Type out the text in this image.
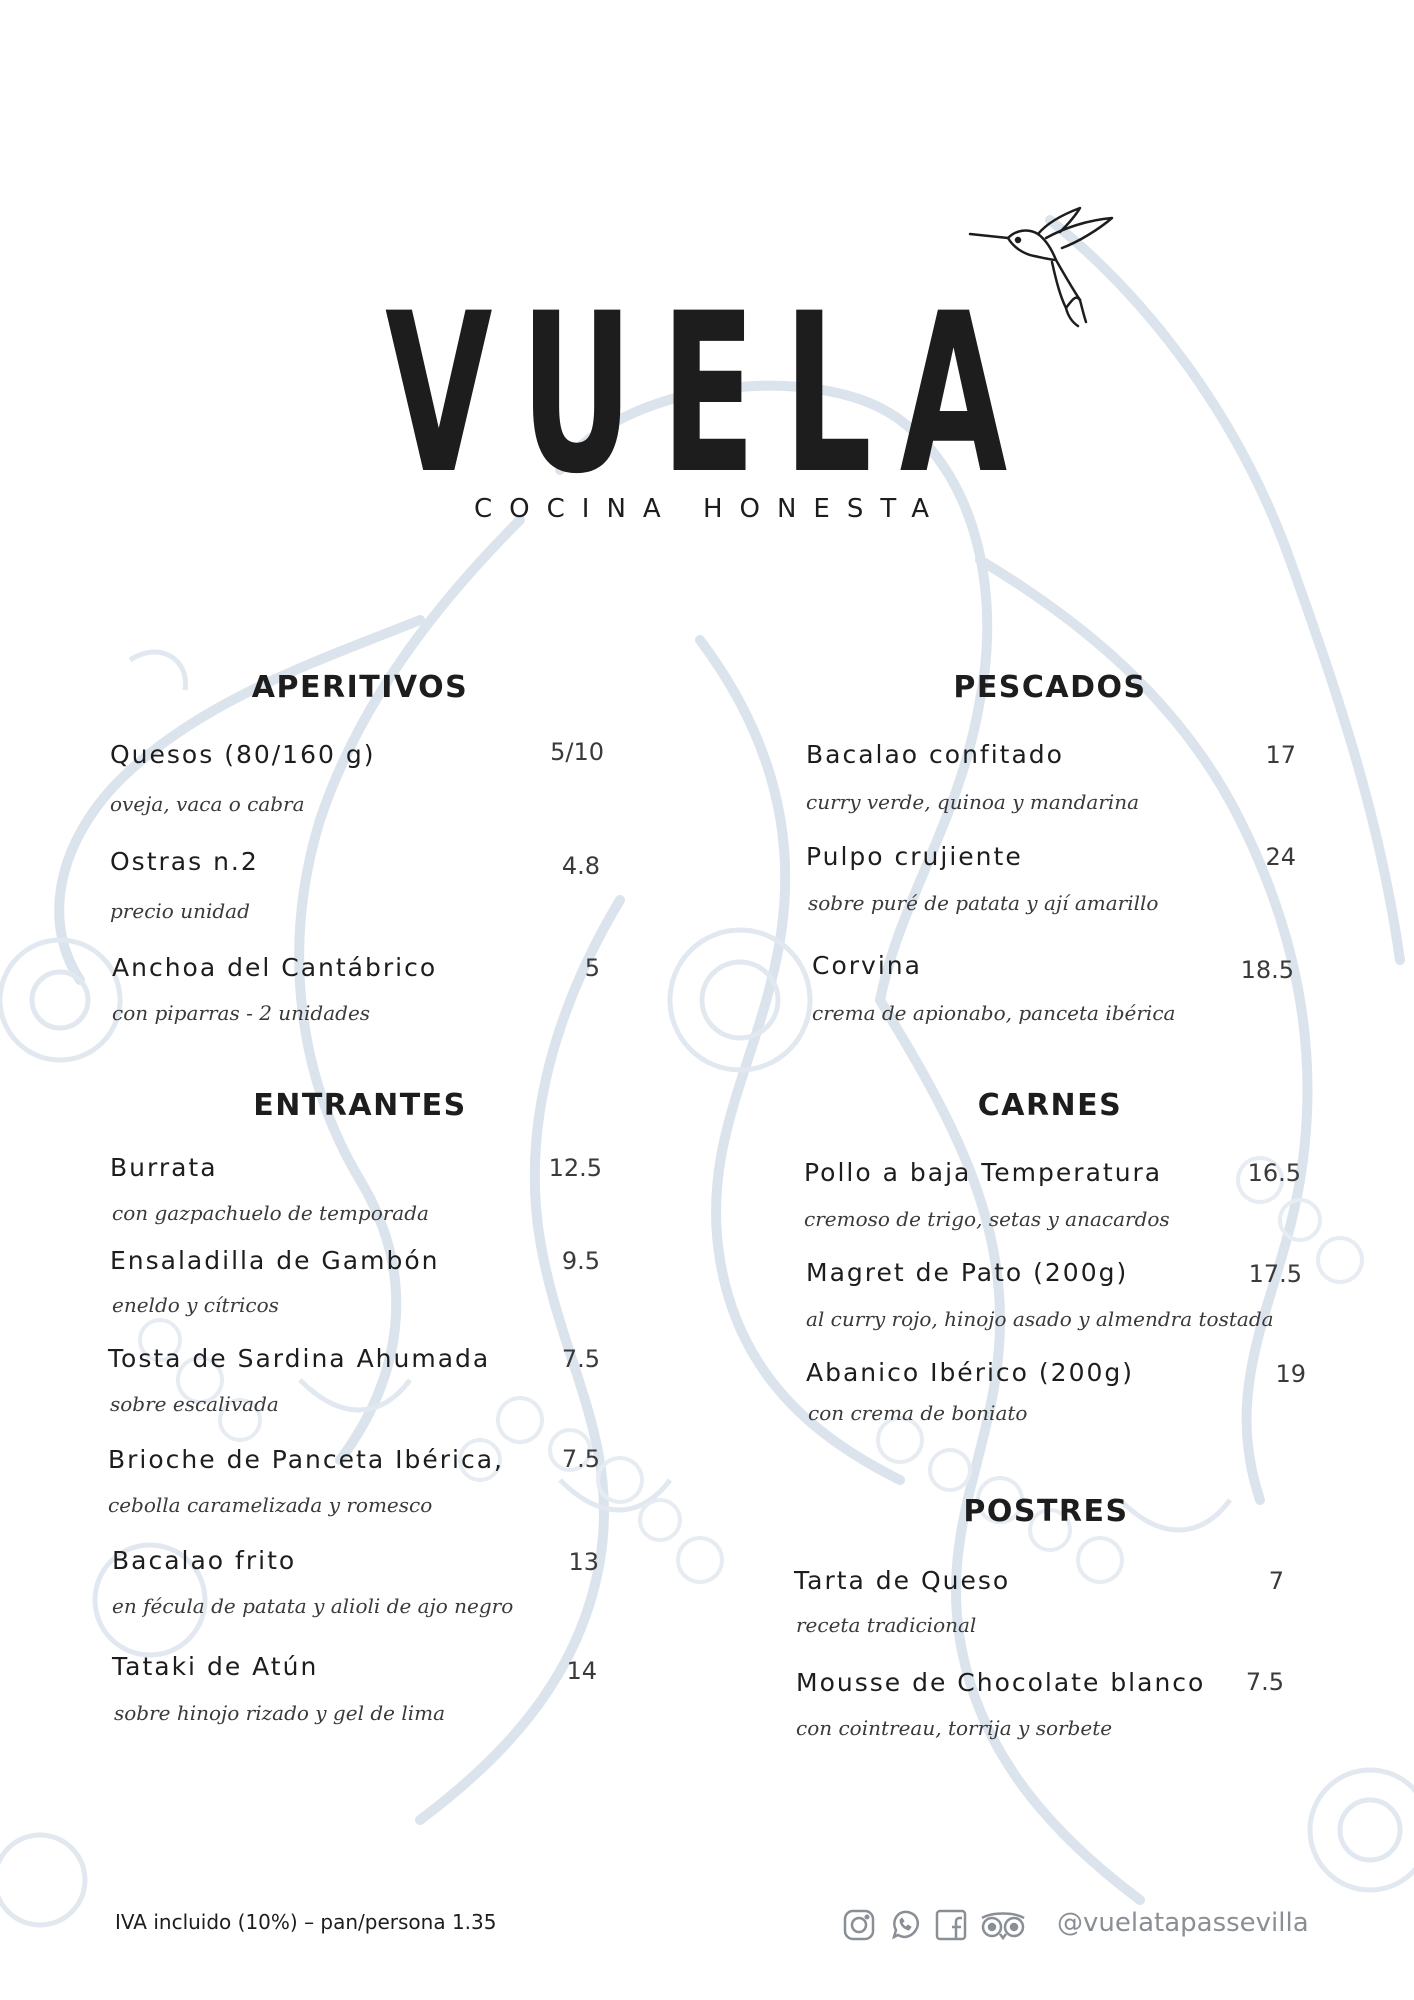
VUELA
COCINA HONESTA
APERITIVOS
Quesos (80/160 g)	5/10
oveja, vaca o cabra
Ostras n.2	4.8
precio unidad
Anchoa del Cantábrico	5
con piparras - 2 unidades
ENTRANTES
Burrata	12.5
con gazpachuelo de temporada
Ensaladilla de Gambón	9.5
eneldo y cítricos
Tosta de Sardina Ahumada	7.5
sobre escalivada
Brioche de Panceta Ibérica,	7.5
cebolla caramelizada y romesco
Bacalao frito	13
en fécula de patata y alioli de ajo negro
Tataki de Atún	14
sobre hinojo rizado y gel de lima
PESCADOS
Bacalao confitado	17
curry verde, quinoa y mandarina
Pulpo crujiente	24
sobre puré de patata y ají amarillo
Corvina	18.5
crema de apionabo, panceta ibérica
CARNES
Pollo a baja Temperatura	16.5
cremoso de trigo, setas y anacardos
Magret de Pato (200g)	17.5
al curry rojo, hinojo asado y almendra tostada
Abanico Ibérico (200g)	19
con crema de boniato
POSTRES
Tarta de Queso	7
receta tradicional
Mousse de Chocolate blanco	7.5
con cointreau, torrija y sorbete
IVA incluido (10%) – pan/persona 1.35	@vuelatapassevilla
